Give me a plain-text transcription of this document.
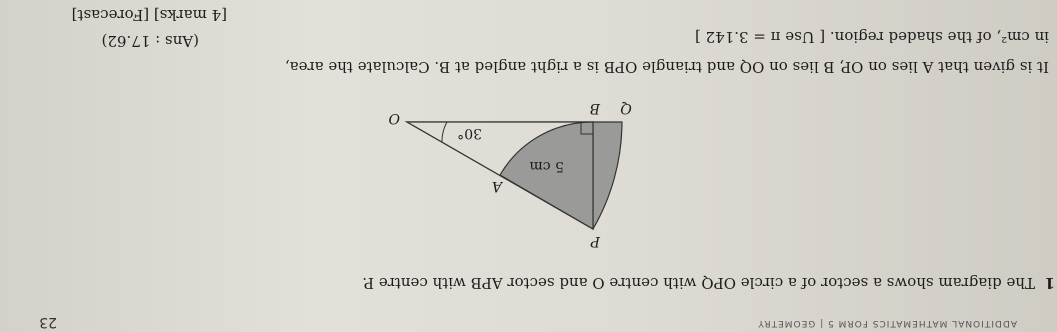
ADDITIONAL MATHEMATICS FORM 5 | GEOMETRY
23
1
The diagram shows a sector of a circle OPQ with centre O and sector APB with centre P.
P
A
O
B Q
5 cm
30°
It is given that A lies on OP, B lies on OQ and triangle OPB is a right angled at B. Calculate the area,
in cm², of the shaded region. [ Use π = 3.142 ]
(Ans : 17.62)
[4 marks] [Forecast]
